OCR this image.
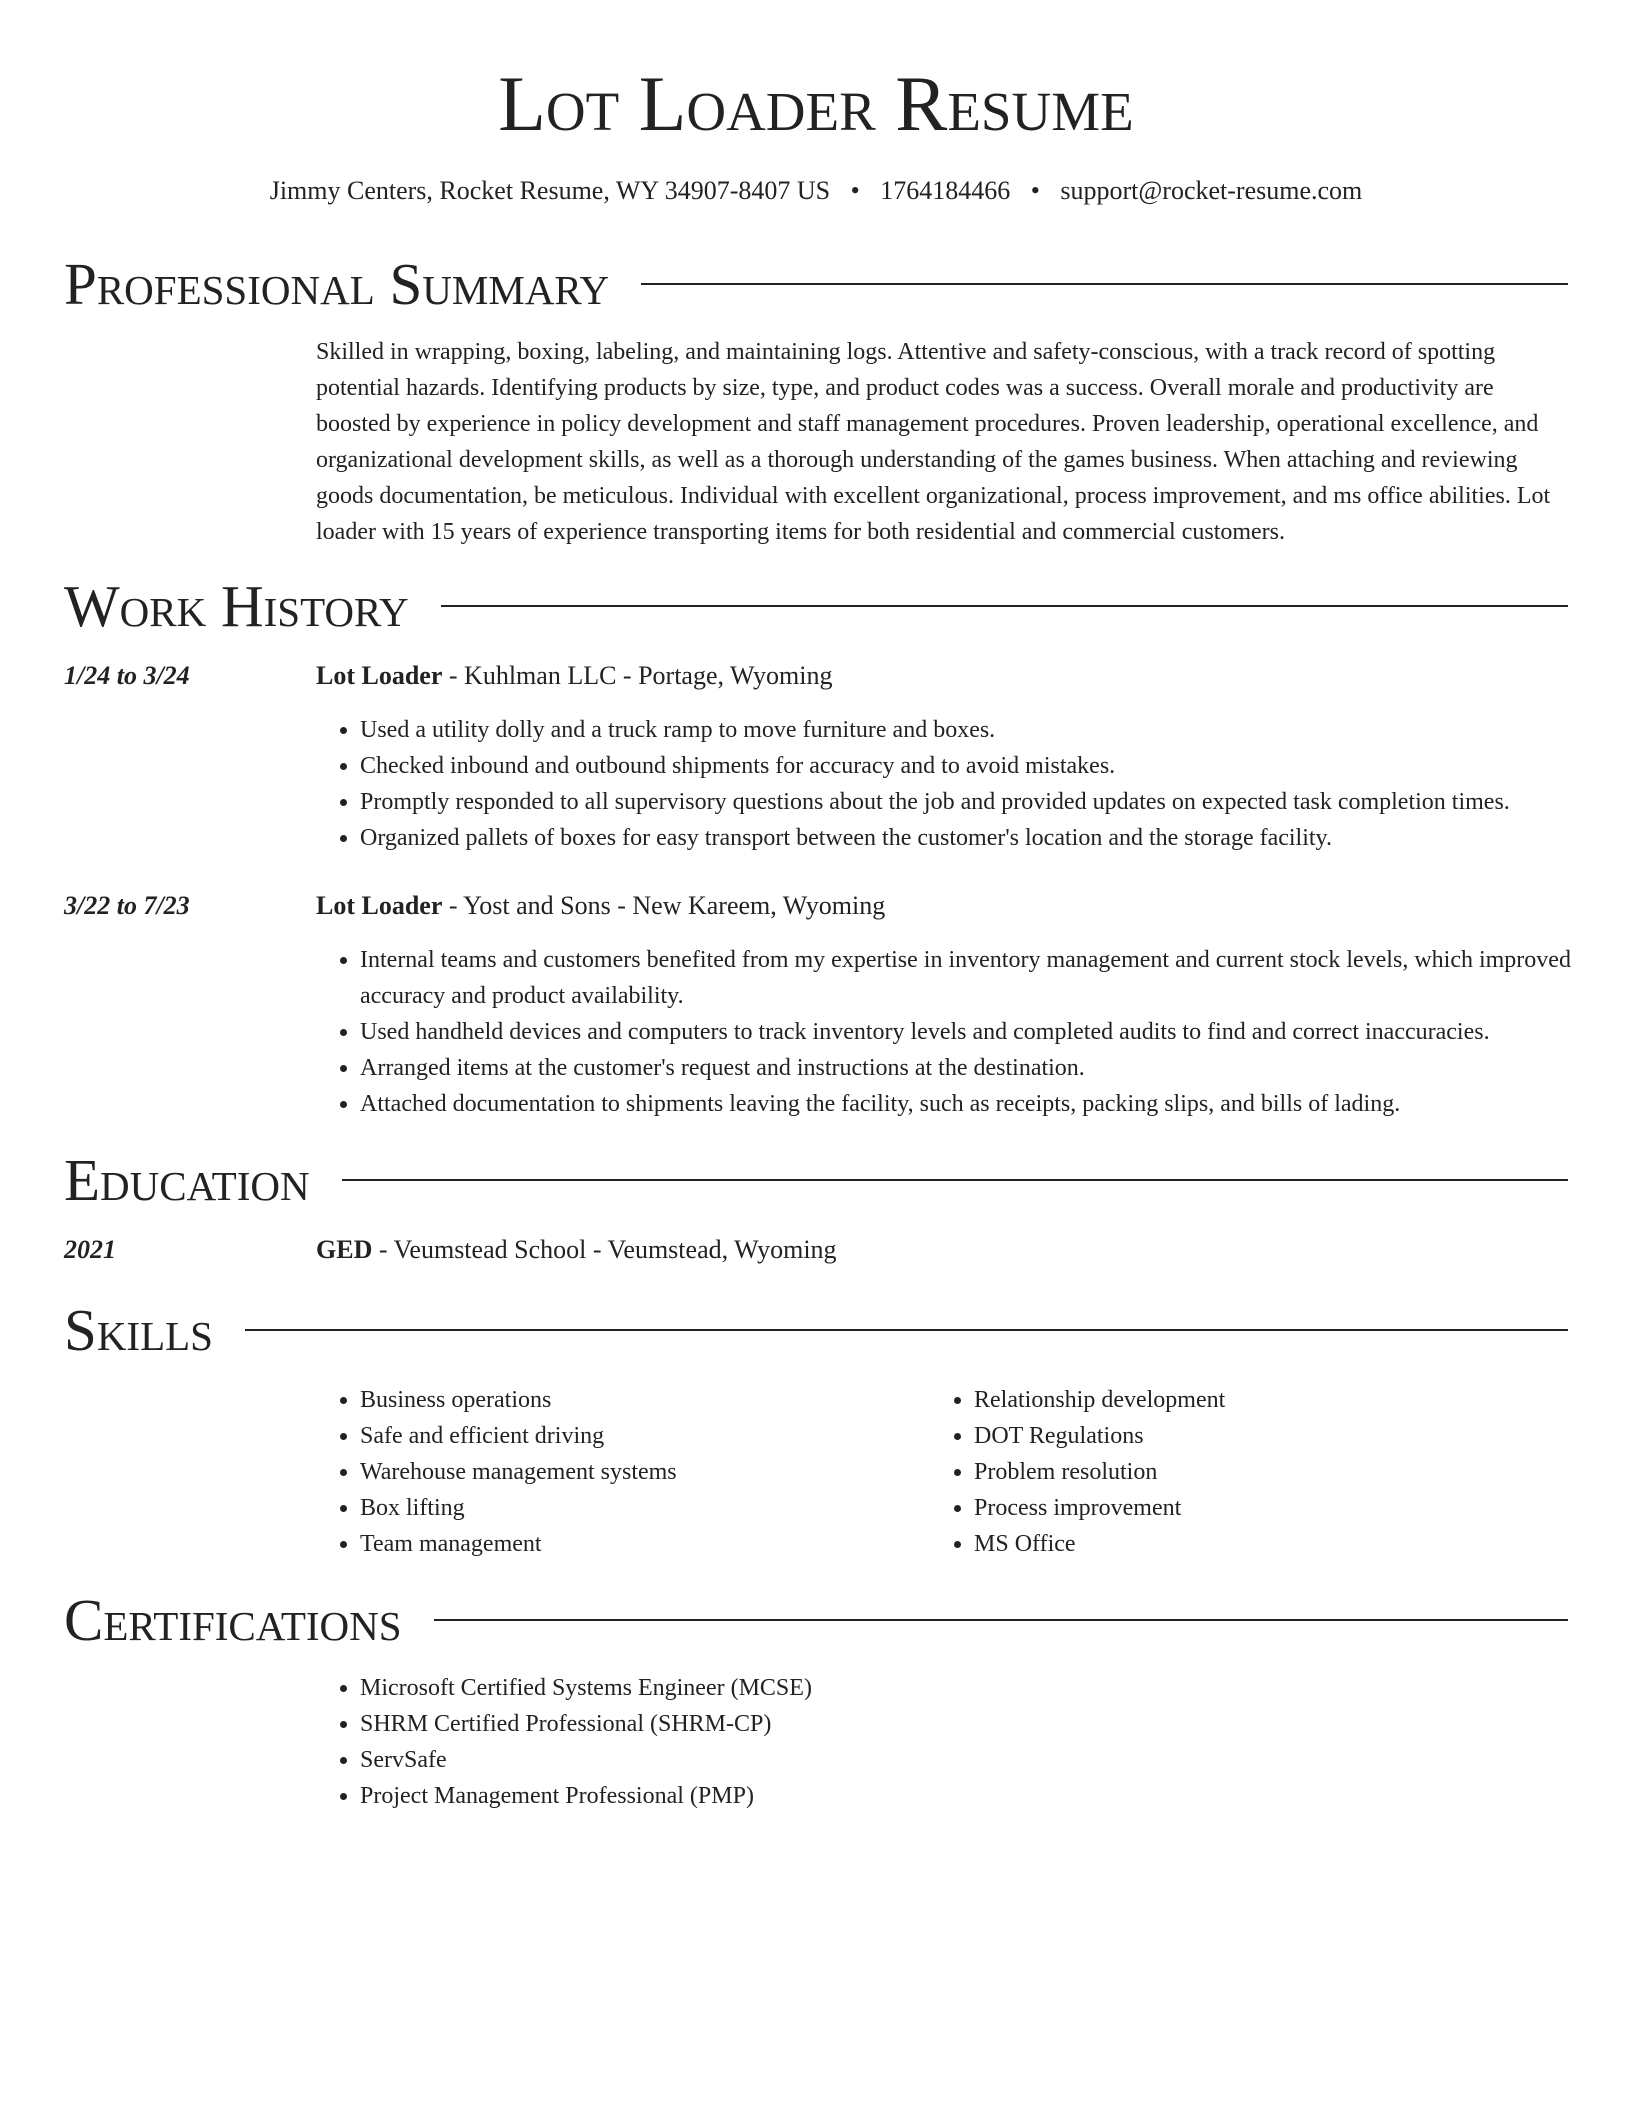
Lot Loader Resume
Jimmy Centers, Rocket Resume, WY 34907-8407 US • 1764184466 • support@rocket-resume.com
Professional Summary

Skilled in wrapping, boxing, labeling, and maintaining logs. Attentive and safety-conscious, with a track record of spotting potential hazards. Identifying products by size, type, and product codes was a success. Overall morale and productivity are boosted by experience in policy development and staff management procedures. Proven leadership, operational excellence, and organizational development skills, as well as a thorough understanding of the games business. When attaching and reviewing goods documentation, be meticulous. Individual with excellent organizational, process improvement, and ms office abilities. Lot loader with 15 years of experience transporting items for both residential and commercial customers.

Work History
1/24 to 3/24	Lot Loader - Kuhlman LLC - Portage, Wyoming
• Used a utility dolly and a truck ramp to move furniture and boxes.
• Checked inbound and outbound shipments for accuracy and to avoid mistakes.
• Promptly responded to all supervisory questions about the job and provided updates on expected task completion times.
• Organized pallets of boxes for easy transport between the customer's location and the storage facility.
3/22 to 7/23	Lot Loader - Yost and Sons - New Kareem, Wyoming
• Internal teams and customers benefited from my expertise in inventory management and current stock levels, which improved accuracy and product availability.
• Used handheld devices and computers to track inventory levels and completed audits to find and correct inaccuracies.
• Arranged items at the customer's request and instructions at the destination.
• Attached documentation to shipments leaving the facility, such as receipts, packing slips, and bills of lading.
Education
2021	GED - Veumstead School - Veumstead, Wyoming
Skills
• Business operations
• Safe and efficient driving
• Warehouse management systems
• Box lifting
• Team management
• Relationship development
• DOT Regulations
• Problem resolution
• Process improvement
• MS Office
Certifications
• Microsoft Certified Systems Engineer (MCSE)
• SHRM Certified Professional (SHRM-CP)
• ServSafe
• Project Management Professional (PMP)
